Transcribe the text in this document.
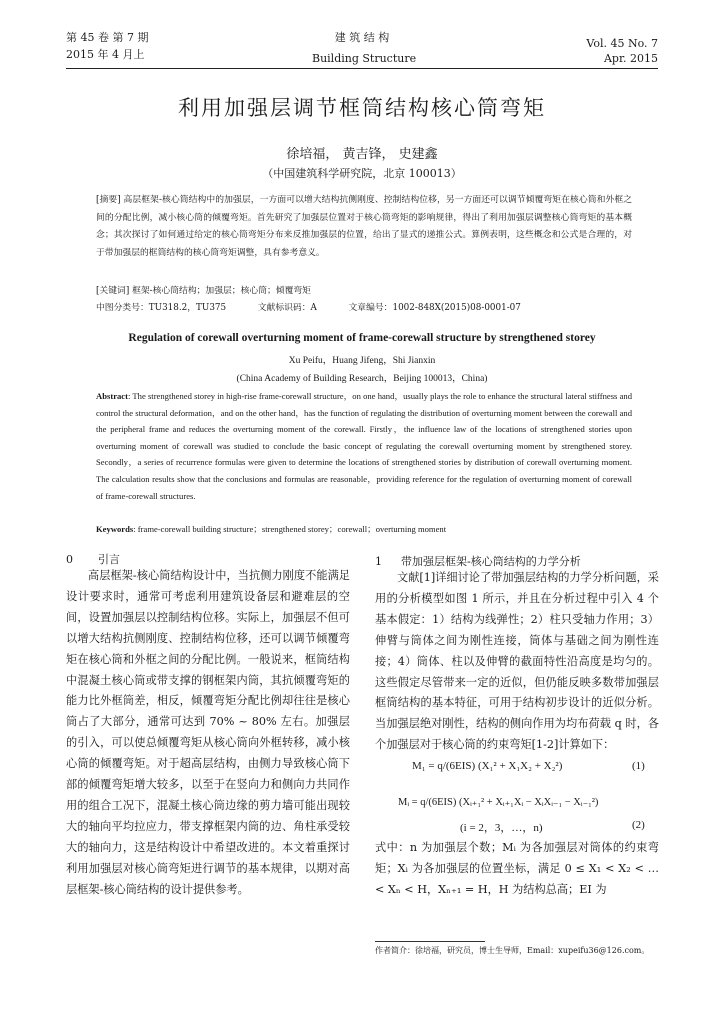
第 45 卷 第 7 期
2015 年 4 月上
建 筑 结 构
Building Structure
Vol. 45 No. 7
Apr. 2015
利用加强层调节框筒结构核心筒弯矩
徐培福， 黄吉锋， 史建鑫
（中国建筑科学研究院，北京 100013）
[摘要] 高层框架-核心筒结构中的加强层，一方面可以增大结构抗侧刚度、控制结构位移，另一方面还可以调节倾覆弯矩在核心筒和外框之间的分配比例，减小核心筒的倾覆弯矩。首先研究了加强层位置对于核心筒弯矩的影响规律，得出了利用加强层调整核心筒弯矩的基本概念；其次探讨了如何通过给定的核心筒弯矩分布来反推加强层的位置，给出了显式的递推公式。算例表明，这些概念和公式是合理的，对于带加强层的框筒结构的核心筒弯矩调整，具有参考意义。
[关键词] 框架-核心筒结构；加强层；核心筒；倾覆弯矩
中图分类号：TU318.2，TU375	文献标识码：A	文章编号：1002-848X(2015)08-0001-07
Regulation of corewall overturning moment of frame-corewall structure by strengthened storey
Xu Peifu，Huang Jifeng，Shi Jianxin
(China Academy of Building Research，Beijing 100013，China)
Abstract: The strengthened storey in high-rise frame-corewall structure，on one hand，usually plays the role to enhance the structural lateral stiffness and control the structural deformation，and on the other hand，has the function of regulating the distribution of overturning moment between the corewall and the peripheral frame and reduces the overturning moment of the corewall. Firstly，the influence law of the locations of strengthened stories upon overturning moment of corewall was studied to conclude the basic concept of regulating the corewall overturning moment by strengthened storey. Secondly，a series of recurrence formulas were given to determine the locations of strengthened stories by distribution of corewall overturning moment. The calculation results show that the conclusions and formulas are reasonable，providing reference for the regulation of overturning moment of corewall of frame-corewall structures.
Keywords: frame-corewall building structure；strengthened storey；corewall；overturning moment
0 引言

高层框架-核心筒结构设计中，当抗侧力刚度不能满足设计要求时，通常可考虑利用建筑设备层和避难层的空间，设置加强层以控制结构位移。实际上，加强层不但可以增大结构抗侧刚度、控制结构位移，还可以调节倾覆弯矩在核心筒和外框之间的分配比例。一般说来，框筒结构中混凝土核心筒或带支撑的钢框架内筒，其抗倾覆弯矩的能力比外框筒差，相反，倾覆弯矩分配比例却往往是核心筒占了大部分，通常可达到 70% ~ 80% 左右。加强层的引入，可以使总倾覆弯矩从核心筒向外框转移，减小核心筒的倾覆弯矩。对于超高层结构，由侧力导致核心筒下部的倾覆弯矩增大较多，以至于在竖向力和侧向力共同作用的组合工况下，混凝土核心筒边缘的剪力墙可能出现较大的轴向平均拉应力，带支撑框架内筒的边、角柱承受较大的轴向力，这是结构设计中希望改进的。本文着重探讨利用加强层对核心筒弯矩进行调节的基本规律，以期对高层框架-核心筒结构的设计提供参考。

1 带加强层框架-核心筒结构的力学分析

文献[1]详细讨论了带加强层结构的力学分析问题，采用的分析模型如图 1 所示，并且在分析过程中引入 4 个基本假定：1）结构为线弹性；2）柱只受轴力作用；3）伸臂与筒体之间为刚性连接，筒体与基础之间为刚性连接；4）筒体、柱以及伸臂的截面特性沿高度是均匀的。这些假定尽管带来一定的近似，但仍能反映多数带加强层框筒结构的基本特征，可用于结构初步设计的近似分析。当加强层绝对刚性，结构的侧向作用为均布荷载 q 时，各个加强层对于核心筒的约束弯矩[1-2]计算如下：

M₁ = q/(6EIS) (X₁² + X₁X₂ + X₂²)	(1)
Mᵢ = q/(6EIS) (Xᵢ₊₁² + Xᵢ₊₁Xᵢ − XᵢXᵢ₋₁ − Xᵢ₋₁²)
(i = 2，3，…，n)	(2)

式中：n 为加强层个数；Mᵢ 为各加强层对筒体的约束弯矩；Xᵢ 为各加强层的位置坐标，满足 0 ≤ X₁ < X₂ < … < Xₙ < H，Xₙ₊₁ = H，H 为结构总高；EI 为

作者简介：徐培福，研究员，博士生导师，Email：xupeifu36@126.com。
